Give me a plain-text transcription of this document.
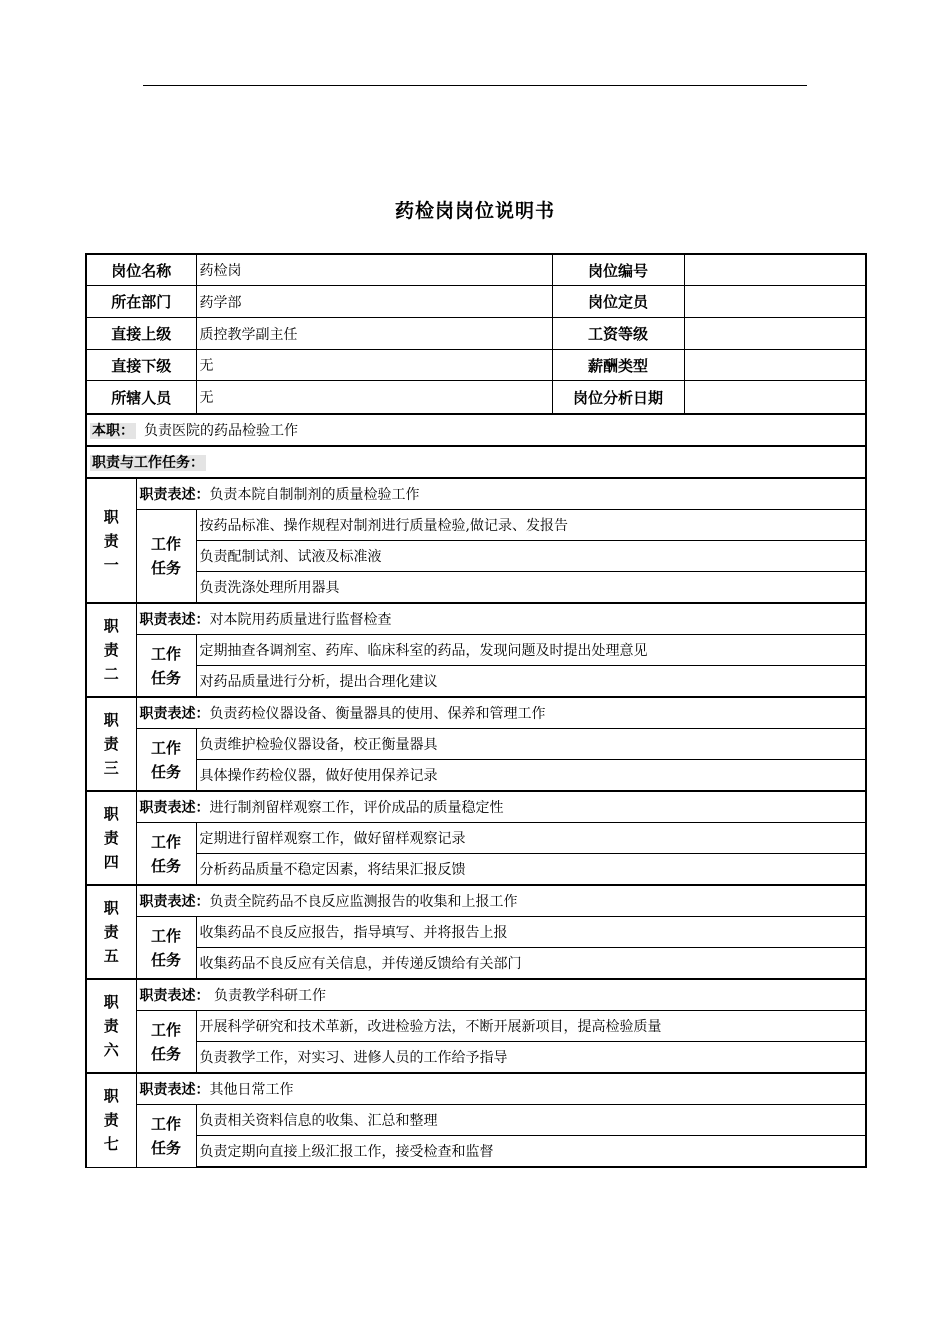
药检岗岗位说明书
岗位名称		药检岗	岗位编号	
所在部门		药学部	岗位定员	
直接上级		质控教学副主任	工资等级	
直接下级		无	薪酬类型	
所辖人员		无	岗位分析日期	
本职： 负责医院的药品检验工作				
职责与工作任务：				

职
责
一	职责表述：负责本院自制制剂的质量检验工作			

	工作
任务	按药品标准、操作规程对制剂进行质量检验,做记录、发报告		
		负责配制试剂、试液及标准液		
		负责洗涤处理所用器具		

职
责
二	职责表述：对本院用药质量进行监督检查			

	工作
任务	定期抽查各调剂室、药库、临床科室的药品，发现问题及时提出处理意见		
		对药品质量进行分析，提出合理化建议		

职
责
三	职责表述：负责药检仪器设备、衡量器具的使用、保养和管理工作			

	工作
任务	负责维护检验仪器设备，校正衡量器具		
		具体操作药检仪器，做好使用保养记录		

职
责
四	职责表述：进行制剂留样观察工作，评价成品的质量稳定性			

	工作
任务	定期进行留样观察工作，做好留样观察记录		
		分析药品质量不稳定因素，将结果汇报反馈		

职
责
五	职责表述：负责全院药品不良反应监测报告的收集和上报工作			

	工作
任务	收集药品不良反应报告，指导填写、并将报告上报		
		收集药品不良反应有关信息，并传递反馈给有关部门		

职
责
六	职责表述： 负责教学科研工作			

	工作
任务	开展科学研究和技术革新，改进检验方法，不断开展新项目，提高检验质量		
		负责教学工作，对实习、进修人员的工作给予指导		

职
责
七	职责表述：其他日常工作			

	工作
任务	负责相关资料信息的收集、汇总和整理		
		负责定期向直接上级汇报工作，接受检查和监督		
